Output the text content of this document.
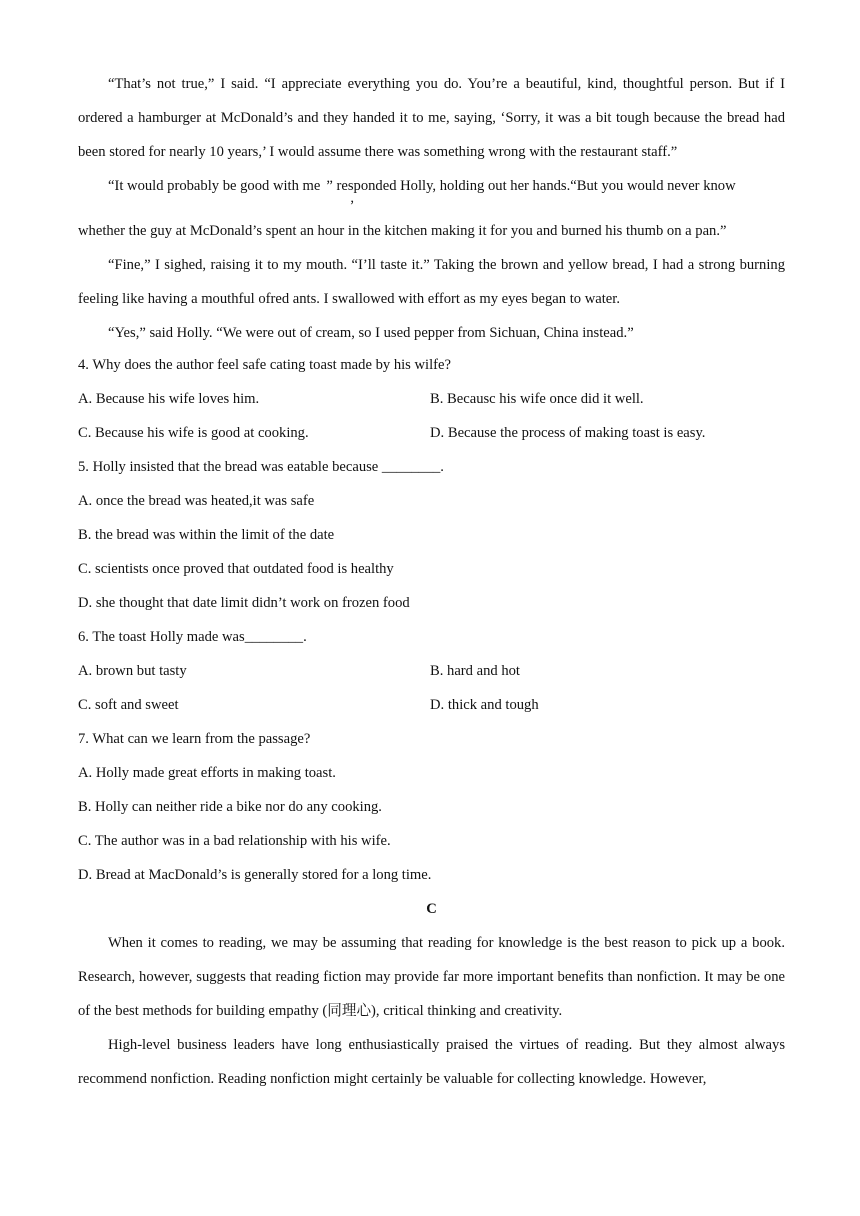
“That’s not true,” I said. “I appreciate everything you do. You’re a beautiful, kind, thoughtful person. But if I ordered a hamburger at McDonald’s and they handed it to me, saying, ‘Sorry, it was a bit tough because the bread had been stored for nearly 10 years,’ I would assume there was something wrong with the restaurant staff.”

“It would probably be good with me,” responded Holly, holding out her hands.“But you would never know

whether the guy at McDonald’s spent an hour in the kitchen making it for you and burned his thumb on a pan.”

“Fine,” I sighed, raising it to my mouth. “I’ll taste it.” Taking the brown and yellow bread, I had a strong burning feeling like having a mouthful ofred ants. I swallowed with effort as my eyes began to water.

“Yes,” said Holly. “We were out of cream, so I used pepper from Sichuan, China instead.”

4. Why does the author feel safe cating toast made by his wilfe?

A. Because his wife loves him.	B. Becausc his wife once did it well.
C. Because his wife is good at cooking.	D. Because the process of making toast is easy.

5. Holly insisted that the bread was eatable because ________.

A. once the bread was heated,it was safe

B. the bread was within the limit of the date

C. scientists once proved that outdated food is healthy

D. she thought that date limit didn’t work on frozen food

6. The toast Holly made was________.

A. brown but tasty	B. hard and hot
C. soft and sweet	D. thick and tough

7. What can we learn from the passage?

A. Holly made great efforts in making toast.

B. Holly can neither ride a bike nor do any cooking.

C. The author was in a bad relationship with his wife.

D. Bread at MacDonald’s is generally stored for a long time.

C

When it comes to reading, we may be assuming that reading for knowledge is the best reason to pick up a book. Research, however, suggests that reading fiction may provide far more important benefits than nonfiction. It may be one of the best methods for building empathy (同理心), critical thinking and creativity.

High-level business leaders have long enthusiastically praised the virtues of reading. But they almost always recommend nonfiction. Reading nonfiction might certainly be valuable for collecting knowledge. However,
